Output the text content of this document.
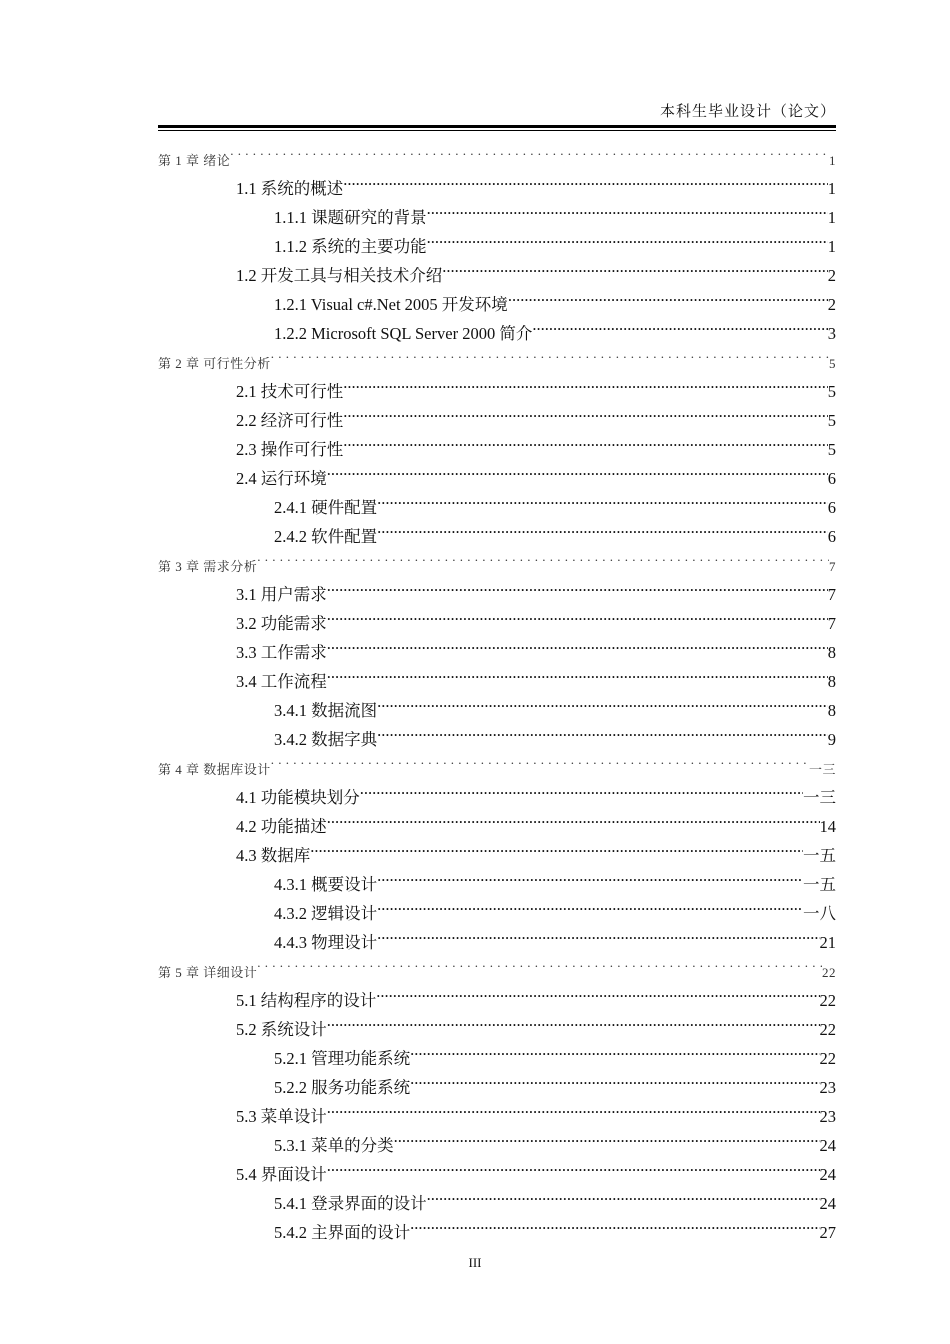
本科生毕业设计（论文）
第 1 章 绪论 . . .	1
1.1 系统的概述 .....	1
1.1.1 课题研究的背景 .....	1
1.1.2 系统的主要功能 .....	1
1.2 开发工具与相关技术介绍 .....	2
1.2.1 Visual c#.Net 2005 开发环境 .....	2
1.2.2 Microsoft SQL Server 2000 简介 .....	3
第 2 章 可行性分析 . . .	5
2.1 技术可行性 .....	5
2.2 经济可行性 .....	5
2.3 操作可行性 .....	5
2.4 运行环境 .....	6
2.4.1 硬件配置 .....	6
2.4.2 软件配置 .....	6
第 3 章 需求分析 . . .	7
3.1 用户需求 .....	7
3.2 功能需求 .....	7
3.3 工作需求 .....	8
3.4 工作流程 .....	8
3.4.1 数据流图 .....	8
3.4.2 数据字典 .....	9
第 4 章 数据库设计 . . .	一三
4.1 功能模块划分 .....	一三
4.2 功能描述 .....	14
4.3 数据库 .....	一五
4.3.1 概要设计 .....	一五
4.3.2 逻辑设计 .....	一八
4.4.3 物理设计 .....	21
第 5 章 详细设计 . . .	22
5.1 结构程序的设计 .....	22
5.2 系统设计 .....	22
5.2.1 管理功能系统 .....	22
5.2.2 服务功能系统 .....	23
5.3 菜单设计 .....	23
5.3.1 菜单的分类 .....	24
5.4 界面设计 .....	24
5.4.1 登录界面的设计 .....	24
5.4.2 主界面的设计 .....	27
III
